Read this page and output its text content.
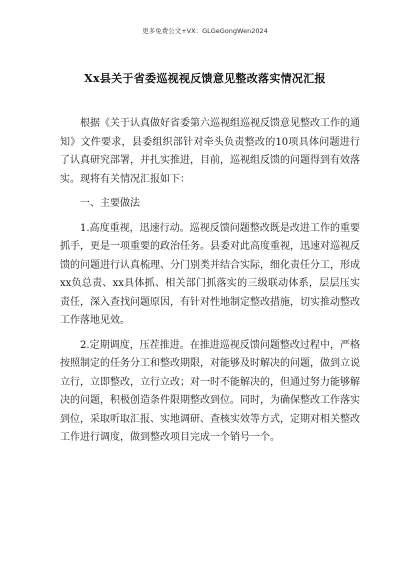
更多免费公文+VX：GLGeGongWen2024
Xx县关于省委巡视视反馈意见整改落实情况汇报

根据《关于认真做好省委第六巡视组巡视反馈意见整改工作的通知》文件要求，县委组织部针对牵头负责整改的10项具体问题进行了认真研究部署，并扎实推进，目前，巡视组反馈的问题得到有效落实。现将有关情况汇报如下：

一、主要做法

1.高度重视，迅速行动。巡视反馈问题整改既是改进工作的重要抓手，更是一项重要的政治任务。县委对此高度重视，迅速对巡视反馈的问题进行认真梳理、分门别类并结合实际，细化责任分工，形成xx负总责、xx具体抓、相关部门抓落实的三级联动体系，层层压实责任，深入查找问题原因，有针对性地制定整改措施，切实推动整改工作落地见效。

2.定期调度，压茬推进。在推进巡视反馈问题整改过程中，严格按照制定的任务分工和整改期限，对能够及时解决的问题，做到立说立行，立即整改，立行立改；对一时不能解决的，但通过努力能够解决的问题，积极创造条件限期整改到位。同时，为确保整改工作落实到位，采取听取汇报、实地调研、查核实效等方式，定期对相关整改工作进行调度，做到整改项目完成一个销号一个。
